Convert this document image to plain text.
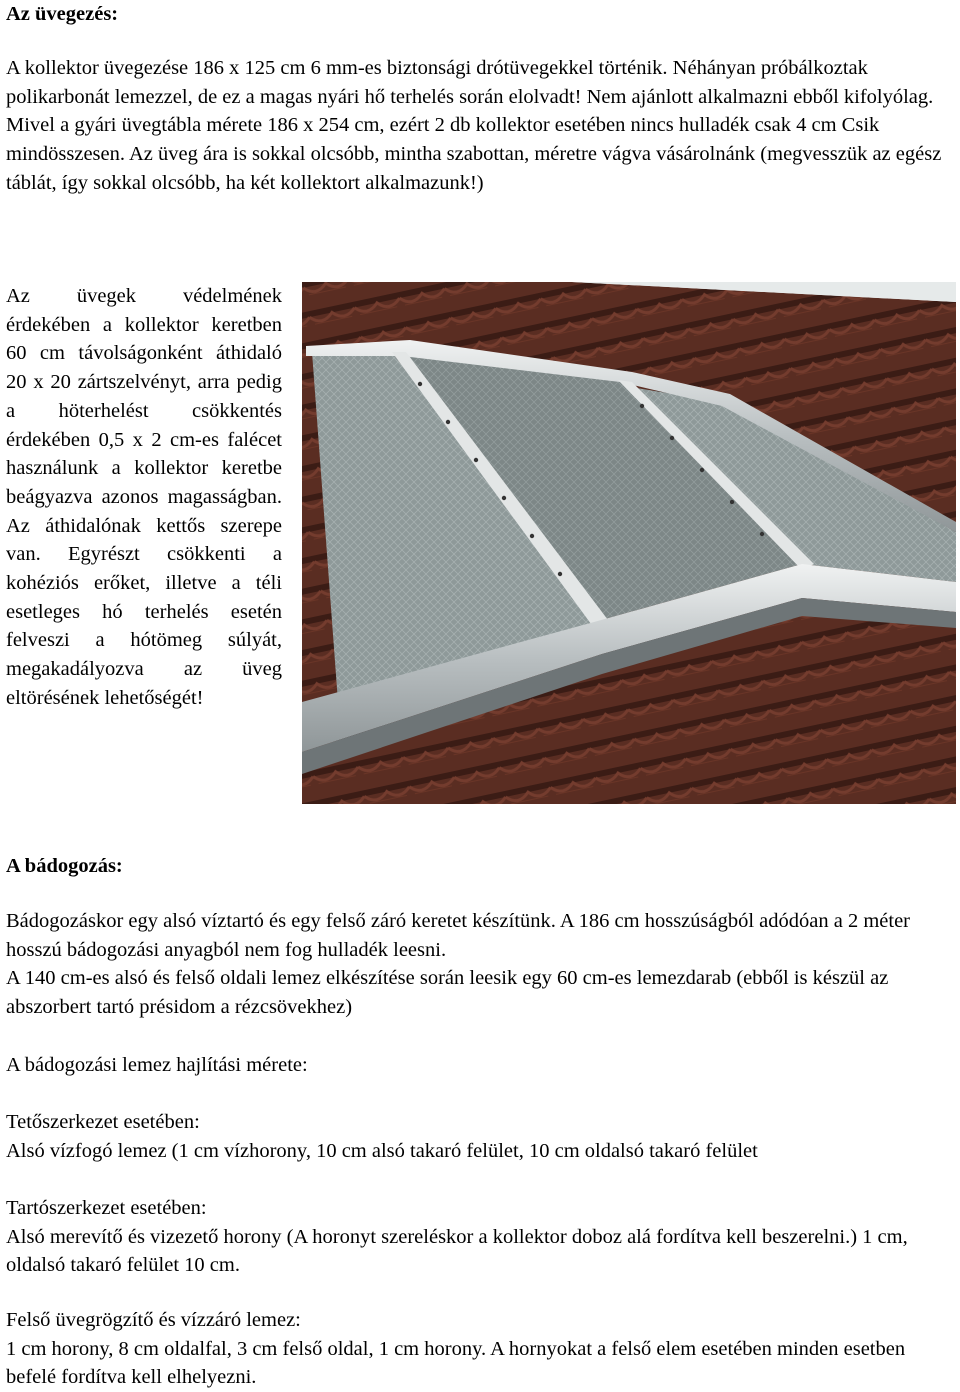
Az üvegezés:

A kollektor üvegezése 186 x 125 cm 6 mm-es biztonsági drótüvegekkel történik. Néhányan próbálkoztak polikarbonát lemezzel, de ez a magas nyári hő terhelés során elolvadt! Nem ajánlott alkalmazni ebből kifolyólag. Mivel a gyári üvegtábla mérete 186 x 254 cm, ezért 2 db kollektor esetében nincs hulladék csak 4 cm Csik mindösszesen. Az üveg ára is sokkal olcsóbb, mintha szabottan, méretre vágva vásárolnánk (megvesszük az egész táblát, így sokkal olcsóbb, ha két kollektort alkalmazunk!)

Az üvegek védelmének érdekében a kollektor keretben 60 cm távolságonként áthidaló 20 x 20 zártszelvényt, arra pedig a höterhelést csökkentés érdekében 0,5 x 2 cm-es falécet használunk a kollektor keretbe beágyazva azonos magasságban. Az áthidalónak kettős szerepe van. Egyrészt csökkenti a kohéziós erőket, illetve a téli esetleges hó terhelés esetén felveszi a hótömeg súlyát, megakadályozva az üveg eltörésének lehetőségét!

A bádogozás:

Bádogozáskor egy alsó víztartó és egy felső záró keretet készítünk. A 186 cm hosszúságból adódóan a 2 méter hosszú bádogozási anyagból nem fog hulladék leesni.

A 140 cm-es alsó és felső oldali lemez elkészítése során leesik egy 60 cm-es lemezdarab (ebből is készül az abszorbert tartó présidom a rézcsövekhez)

A bádogozási lemez hajlítási mérete:

Tetőszerkezet esetében:

Alsó vízfogó lemez (1 cm vízhorony, 10 cm alsó takaró felület, 10 cm oldalsó takaró felület

Tartószerkezet esetében:

Alsó merevítő és vizezető horony (A horonyt szereléskor a kollektor doboz alá fordítva kell beszerelni.) 1 cm, oldalsó takaró felület 10 cm.

Felső üvegrögzítő és vízzáró lemez:

1 cm horony, 8 cm oldalfal, 3 cm felső oldal, 1 cm horony. A hornyokat a felső elem esetében minden esetben befelé fordítva kell elhelyezni.
